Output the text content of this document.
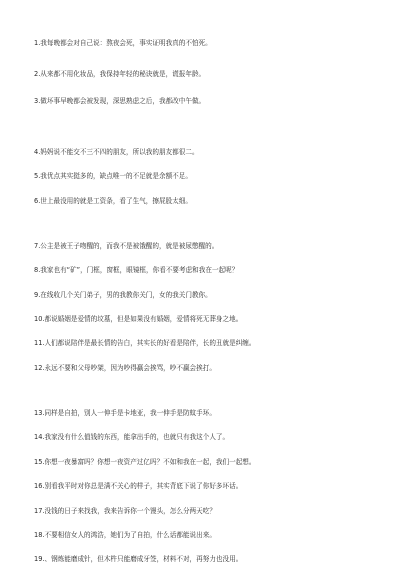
1.我每晚都会对自己说：熬夜会死，事实证明我真的不怕死。
2.从来都不用化妆品，我保持年轻的秘诀就是，谎报年龄。
3.做坏事早晚都会被发现，深思熟虑之后，我都改中午做。
4.妈妈说不能交不三不四的朋友，所以我的朋友都很二。
5.我优点其实挺多的，缺点唯一的不足就是余额不足。
6.世上最没用的就是工资条，看了生气，擦屁股太细。
7.公主是被王子吻醒的，而我不是被饿醒的，就是被尿憋醒的。
8.我家也有“矿”，门框，窗框，眼镜框，你看不要考虑和我在一起呢？
9.在线收几个关门弟子，男的我教你关门，女的我关门教你。
10.都说婚姻是爱情的坟墓，但是如果没有婚姻，爱情将死无葬身之地。
11.人们都说陪伴是最长情的告白，其实长的好看是陪伴，长的丑就是纠缠。
12.永远不要和父母吵架，因为吵得赢会挨骂，吵不赢会挨打。
13.同样是自拍，别人一伸手是卡地亚，我一伸手是防蚊手环。
14.我家没有什么值钱的东西，能拿出手的，也就只有我这个人了。
15.你想一夜暴富吗？你想一夜资产过亿吗？不如和我在一起，我们一起想。
16.别看我平时对你总是满不关心的样子，其实背底下说了你好多坏话。
17.没钱的日子来找我，我来告诉你一个馒头，怎么分两天吃？
18.不要相信女人的鸿浩，她们为了自拍，什么话都能说出来。
19.、钢炼能磨成针，但木杵只能磨成牙签，材料不对，再努力也没用。
